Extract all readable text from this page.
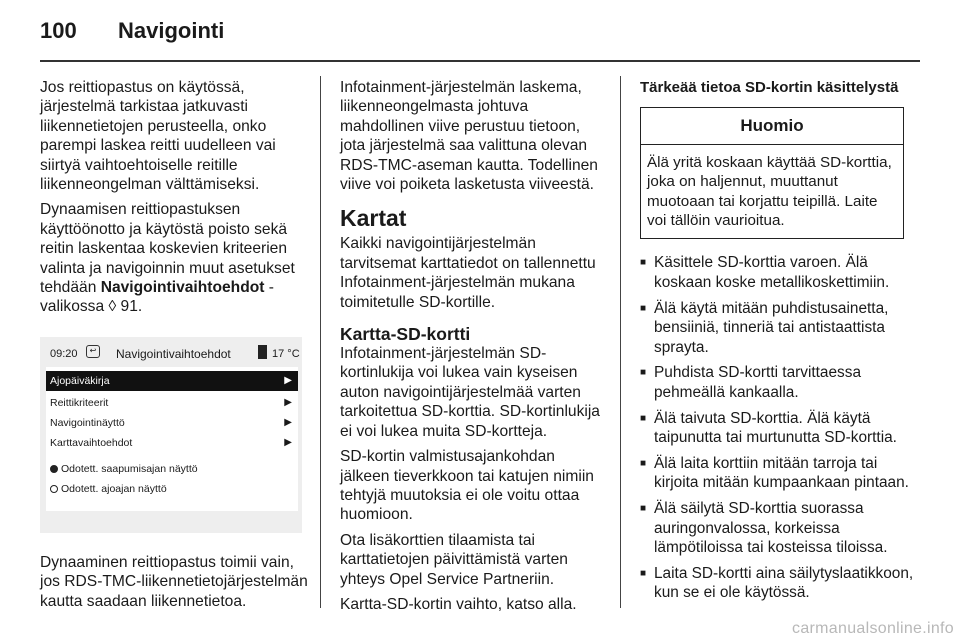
100 Navigointi

Jos reittiopastus on käytössä, järjestelmä tarkistaa jatkuvasti liikennetietojen perusteella, onko parempi laskea reitti uudelleen vai siirtyä vaihtoehtoiselle reitille liikenneongelman välttämiseksi.

Dynaamisen reittiopastuksen käyttöönotto ja käytöstä poisto sekä reitin laskentaa koskevien kriteerien valinta ja navigoinnin muut asetukset tehdään Navigointivaihtoehdot -valikossa ◊ 91.

09:20	↩	Navigointivaihtoehdot	17 °C
Ajopäiväkirja	▶
Reittikriteerit	▶
Navigointinäyttö	▶
Karttavaihtoehdot	▶
Odotett. saapumisajan näyttö
Odotett. ajoajan näyttö

Dynaaminen reittiopastus toimii vain, jos RDS-TMC-liikennetietojärjestelmän kautta saadaan liikennetietoa.

Infotainment-järjestelmän laskema, liikenneongelmasta johtuva mahdollinen viive perustuu tietoon, jota järjestelmä saa valittuna olevan RDS-TMC-aseman kautta. Todellinen viive voi poiketa lasketusta viiveestä.

Kartat

Kaikki navigointijärjestelmän tarvitsemat karttatiedot on tallennettu Infotainment-järjestelmän mukana toimitetulle SD-kortille.

Kartta-SD-kortti

Infotainment-järjestelmän SD-kortinlukija voi lukea vain kyseisen auton navigointijärjestelmää varten tarkoitettua SD-korttia. SD-kortinlukija ei voi lukea muita SD-kortteja.

SD-kortin valmistusajankohdan jälkeen tieverkkoon tai katujen nimiin tehtyjä muutoksia ei ole voitu ottaa huomioon.

Ota lisäkorttien tilaamista tai karttatietojen päivittämistä varten yhteys Opel Service Partneriin.

Kartta-SD-kortin vaihto, katso alla.

Tärkeää tietoa SD-kortin käsittelystä
Huomio
Älä yritä koskaan käyttää SD-korttia, joka on haljennut, muuttanut muotoaan tai korjattu teipillä. Laite voi tällöin vaurioitua.
■ Käsittele SD-korttia varoen. Älä koskaan koske metallikoskettimiin.
■ Älä käytä mitään puhdistusainetta, bensiiniä, tinneriä tai antistaattista sprayta.
■ Puhdista SD-kortti tarvittaessa pehmeällä kankaalla.
■ Älä taivuta SD-korttia. Älä käytä taipunutta tai murtunutta SD-korttia.
■ Älä laita korttiin mitään tarroja tai kirjoita mitään kumpaankaan pintaan.
■ Älä säilytä SD-korttia suorassa auringonvalossa, korkeissa lämpötiloissa tai kosteissa tiloissa.
■ Laita SD-kortti aina säilytyslaatikkoon, kun se ei ole käytössä.
carmanualsonline.info
